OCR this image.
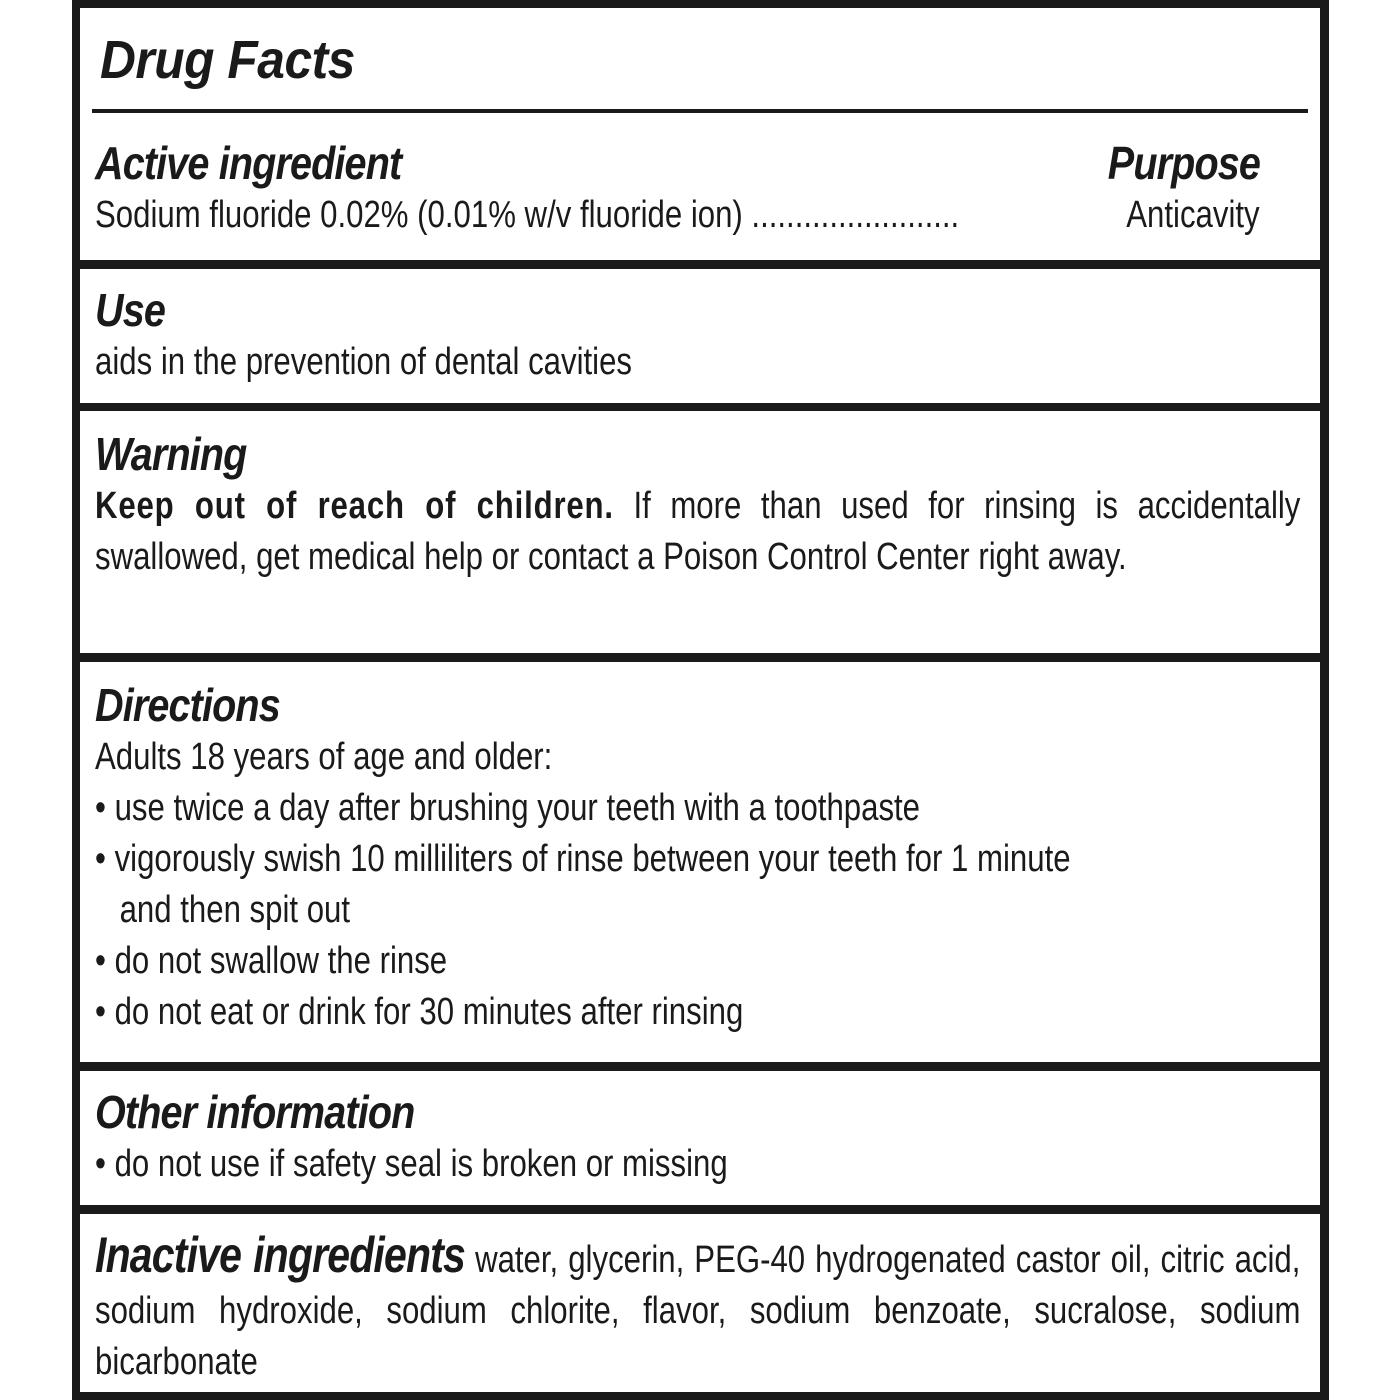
Drug Facts
Active ingredient	Purpose
Sodium fluoride 0.02% (0.01% w/v fluoride ion) ........................	Anticavity
Use
aids in the prevention of dental cavities
Warning
Keep out of reach of children. If more than used for rinsing is accidentally swallowed, get medical help or contact a Poison Control Center right away.
Directions
Adults 18 years of age and older:
• use twice a day after brushing your teeth with a toothpaste
• vigorously swish 10 milliliters of rinse between your teeth for 1 minute
and then spit out
• do not swallow the rinse
• do not eat or drink for 30 minutes after rinsing
Other information
• do not use if safety seal is broken or missing
Inactive ingredients water, glycerin, PEG-40 hydrogenated castor oil, citric acid, sodium hydroxide, sodium chlorite, flavor, sodium benzoate, sucralose, sodium bicarbonate
